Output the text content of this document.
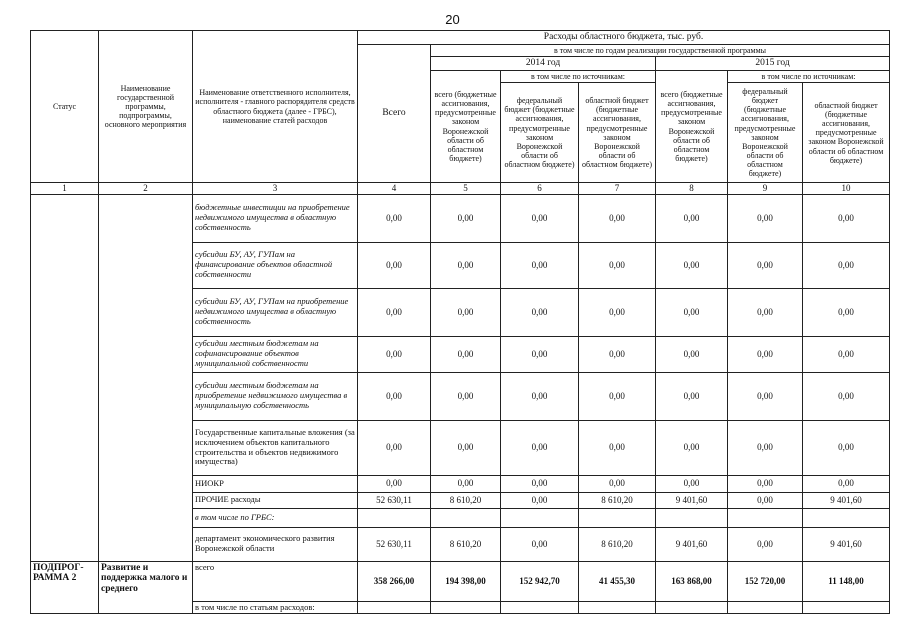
20
Статус	Наименование государственной программы, подпрограммы, основного мероприятия	Наименование ответственного исполнителя, исполнителя - главного распорядителя средств областного бюджета (далее - ГРБС), наименование статей расходов	Расходы областного бюджета, тыс. руб.						
			Всего	в том числе по годам реализации государственной программы					
				2014 год			2015 год		
				всего (бюджетные ассигнования, предусмотренные законом Воронежской области об областном бюджете)	в том числе по источникам:		всего (бюджетные ассигнования, предусмотренные законом Воронежской области об областном бюджете)	в том числе по источникам:	
					федеральный бюджет (бюджетные ассигнования, предусмотренные законом Воронежской области об областном бюджете)	областной бюджет (бюджетные ассигнования, предусмотренные законом Воронежской области об областном бюджете)		федеральный бюджет (бюджетные ассигнования, предусмотренные законом Воронежской области об областном бюджете)	областной бюджет (бюджетные ассигнования, предусмотренные законом Воронежской области об областном бюджете)
1	2	3	4	5	6	7	8	9	10
		бюджетные инвестиции на приобретение недвижимого имущества в областную собственность	0,00	0,00	0,00	0,00	0,00	0,00	0,00
		субсидии БУ, АУ, ГУПам на финансирование объектов областной собственности	0,00	0,00	0,00	0,00	0,00	0,00	0,00
		субсидии БУ, АУ, ГУПам на приобретение недвижимого имущества в областную собственность	0,00	0,00	0,00	0,00	0,00	0,00	0,00
		субсидии местным бюджетам на софинансирование объектов муниципальной собственности	0,00	0,00	0,00	0,00	0,00	0,00	0,00
		субсидии местным бюджетам на приобретение недвижимого имущества в муниципальную собственность	0,00	0,00	0,00	0,00	0,00	0,00	0,00
		Государственные капитальные вложения (за исключением объектов капитального строительства и объектов недвижимого имущества)	0,00	0,00	0,00	0,00	0,00	0,00	0,00
		НИОКР	0,00	0,00	0,00	0,00	0,00	0,00	0,00
		ПРОЧИЕ расходы	52 630,11	8 610,20	0,00	8 610,20	9 401,60	0,00	9 401,60
		в том числе по ГРБС:							
		департамент экономического развития Воронежской области	52 630,11	8 610,20	0,00	8 610,20	9 401,60	0,00	9 401,60
ПОДПРОГ-РАММА 2	Развитие и поддержка малого и среднего	всего	358 266,00	194 398,00	152 942,70	41 455,30	163 868,00	152 720,00	11 148,00
		в том числе по статьям расходов:							
